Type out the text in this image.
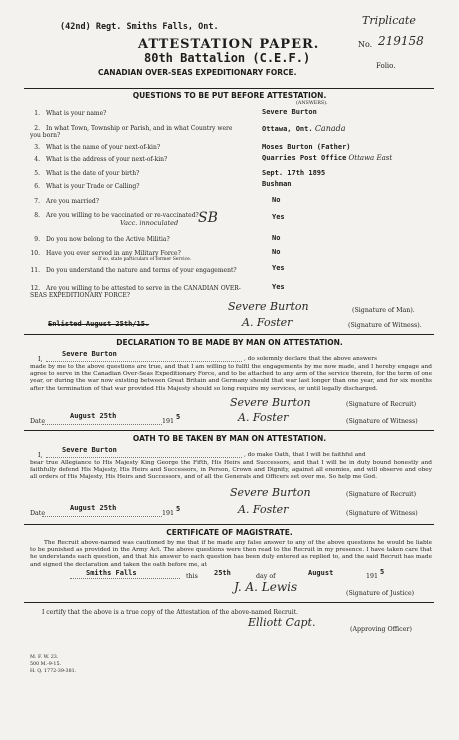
(42nd) Regt. Smiths Falls, Ont.	Triplicate
ATTESTATION PAPER.	No. 219158
80th Battalion (C.E.F.)
CANADIAN OVER-SEAS EXPEDITIONARY FORCE.
Folio.
QUESTIONS TO BE PUT BEFORE ATTESTATION.
(ANSWERS).
1. What is your name?	Severe Burton
2. In what Town, Township or Parish, and in what Country were you born?
Ottawa, Ont. Canada
3. What is the name of your next-of-kin?	Moses Burton (Father)
4. What is the address of your next-of-kin?	Quarries Post Office Ottawa East
5. What is the date of your birth?	Sept. 17th 1895
6. What is your Trade or Calling?	Bushman
7. Are you married?	No
8. Are you willing to be vaccinated or re-vaccinated?
Vacc. innoculated SB	Yes
9. Do you now belong to the Active Militia?	No
10. Have you ever served in any Military Force?
If so, state particulars of former Service.
No
11. Do you understand the nature and terms of your engagement?	Yes
12. Are you willing to be attested to serve in the CANADIAN OVER-SEAS EXPEDITIONARY FORCE?
Yes
Severe Burton	(Signature of Man).
Enlisted August 25th/15.	A. Foster	(Signature of Witness).
DECLARATION TO BE MADE BY MAN ON ATTESTATION.
I,
Severe Burton
, do solemnly declare that the above answers
made by me to the above questions are true, and that I am willing to fulfil the engagements by me now made, and I hereby engage and agree to serve in the Canadian Over-Seas Expeditionary Force, and to be attached to any arm of the service therein, for the term of one year, or during the war now existing between Great Britain and Germany should that war last longer than one year, and for six months after the termination of that war provided His Majesty should so long require my services, or until legally discharged.
Severe Burton	(Signature of Recruit)
Date
August 25th
191
5	A. Foster	(Signature of Witness)
OATH TO BE TAKEN BY MAN ON ATTESTATION.
I,
Severe Burton
, do make Oath, that I will be faithful and
bear true Allegiance to His Majesty King George the Fifth, His Heirs and Successors, and that I will be in duty bound honestly and faithfully defend His Majesty, His Heirs and Successors, in Person, Crown and Dignity, against all enemies, and will observe and obey all orders of His Majesty, His Heirs and Successors, and of all the Generals and Officers set over me. So help me God.
Severe Burton	(Signature of Recruit)
Date
August 25th
191
5	A. Foster	(Signature of Witness)
CERTIFICATE OF MAGISTRATE.
The Recruit above-named was cautioned by me that if he made any false answer to any of the above questions he would be liable to be punished as provided in the Army Act. The above questions were then read to the Recruit in my presence. I have taken care that he understands each question, and that his answer to each question has been duly entered as replied to, and the said Recruit has made and signed the declaration and taken the oath before me, at
Smiths Falls	this 25th	day of	August	191
5
J. A. Lewis	(Signature of Justice)
I certify that the above is a true copy of the Attestation of the above-named Recruit.
Elliott Capt.
(Approving Officer)
M. F. W. 23.
500 M.-9-15.
H. Q. 1772-39-381.
